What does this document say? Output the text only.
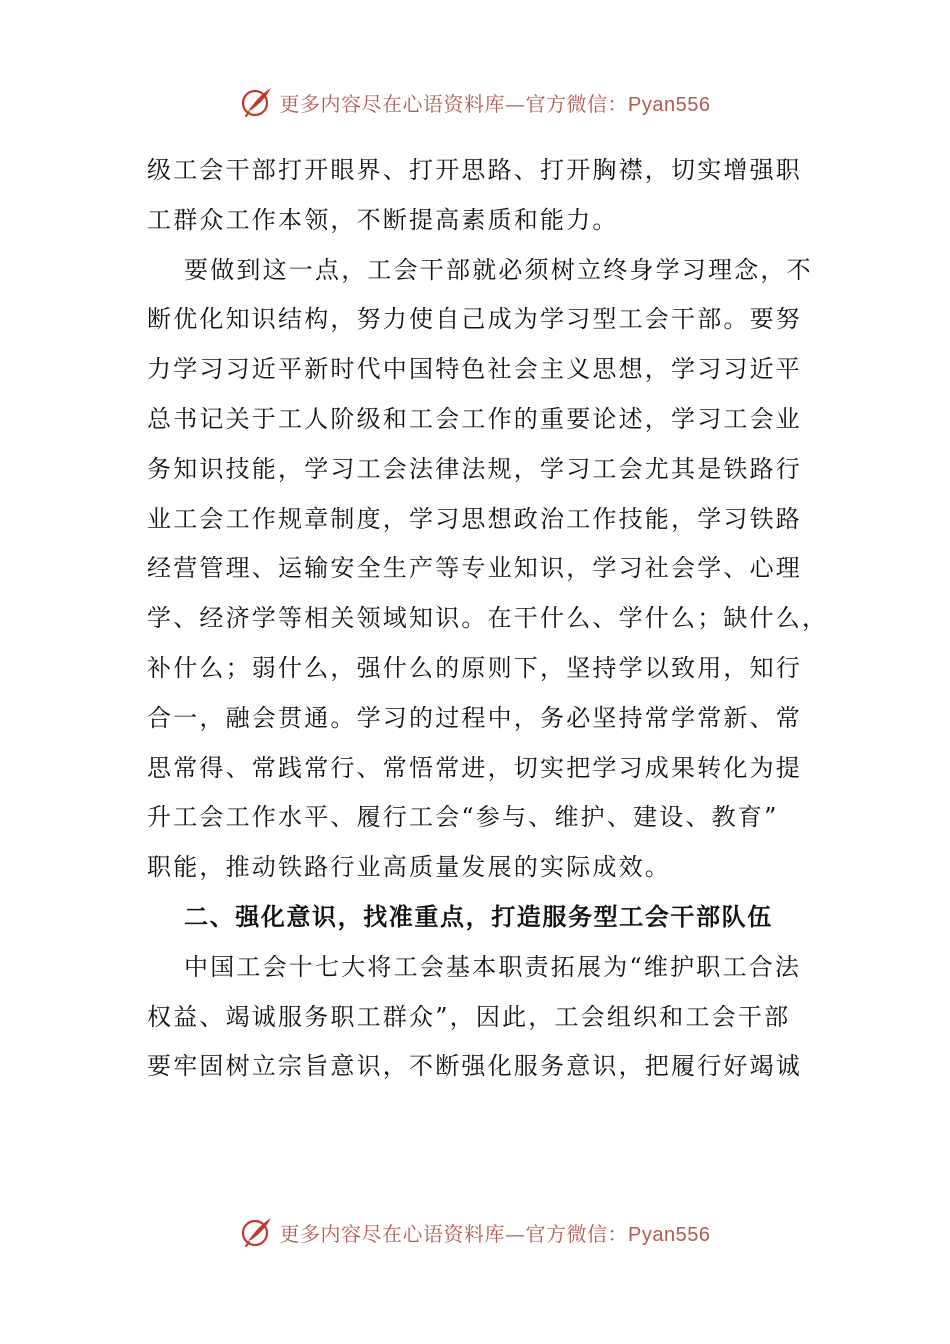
更多内容尽在心语资料库—官方微信：Pyan556

级工会干部打开眼界、打开思路、打开胸襟，切实增强职
工群众工作本领，不断提高素质和能力。

要做到这一点，工会干部就必须树立终身学习理念，不
断优化知识结构，努力使自己成为学习型工会干部。要努
力学习习近平新时代中国特色社会主义思想，学习习近平
总书记关于工人阶级和工会工作的重要论述，学习工会业
务知识技能，学习工会法律法规，学习工会尤其是铁路行
业工会工作规章制度，学习思想政治工作技能，学习铁路
经营管理、运输安全生产等专业知识，学习社会学、心理
学、经济学等相关领域知识。在干什么、学什么；缺什么，
补什么；弱什么，强什么的原则下，坚持学以致用，知行
合一，融会贯通。学习的过程中，务必坚持常学常新、常
思常得、常践常行、常悟常进，切实把学习成果转化为提
升工会工作水平、履行工会“参与、维护、建设、教育”
职能，推动铁路行业高质量发展的实际成效。

二、强化意识，找准重点，打造服务型工会干部队伍

中国工会十七大将工会基本职责拓展为“维护职工合法
权益、竭诚服务职工群众”，因此，工会组织和工会干部
要牢固树立宗旨意识，不断强化服务意识，把履行好竭诚

更多内容尽在心语资料库—官方微信：Pyan556
